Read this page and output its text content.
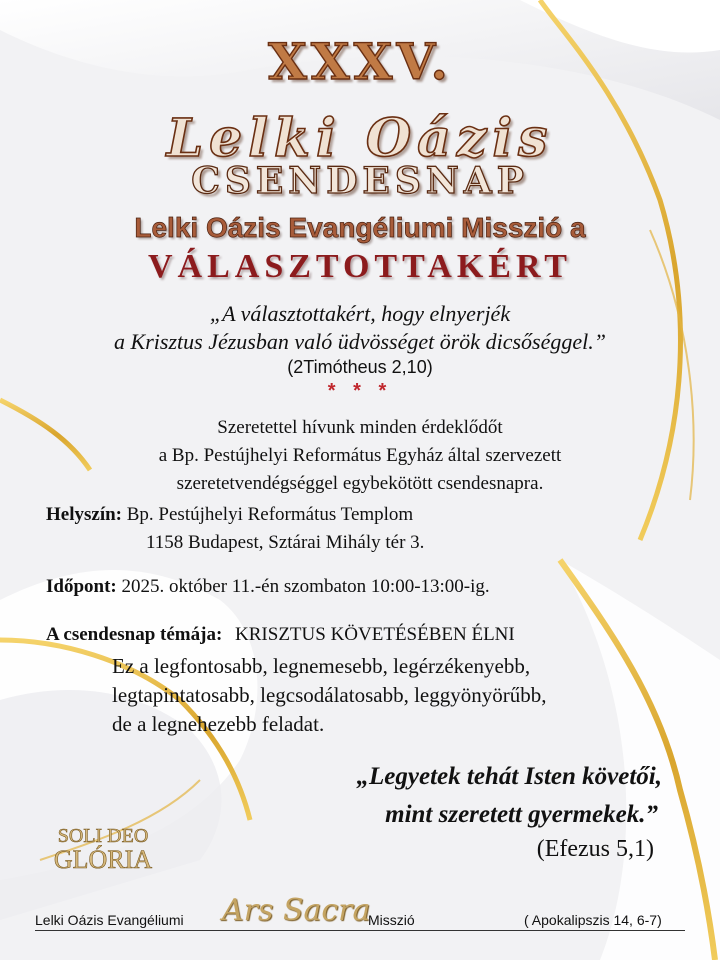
XXXV.
Lelki Oázis
CSENDESNAP
Lelki Oázis Evangéliumi Misszió a
VÁLASZTOTTAKÉRT
„A választottakért, hogy elnyerjék
a Krisztus Jézusban való üdvösséget örök dicsőséggel.”
(2Timótheus 2,10)
* * *
Szeretettel hívunk minden érdeklődőt
a Bp. Pestújhelyi Református Egyház által szervezett
szeretetvendégséggel egybekötött csendesnapra.
Helyszín: Bp. Pestújhelyi Református Templom
1158 Budapest, Sztárai Mihály tér 3.
Időpont: 2025. október 11.-én szombaton 10:00-13:00-ig.
A csendesnap témája: KRISZTUS KÖVETÉSÉBEN ÉLNI
Ez a legfontosabb, legnemesebb, legérzékenyebb,
legtapintatosabb, legcsodálatosabb, leggyönyörűbb,
de a legnehezebb feladat.
„Legyetek tehát Isten követői,
mint szeretett gyermekek.”
(Efezus 5,1)
SOLI DEO
GLÓRIA
Lelki Oázis Evangéliumi Ars Sacra
Misszió	( Apokalipszis 14, 6-7)
